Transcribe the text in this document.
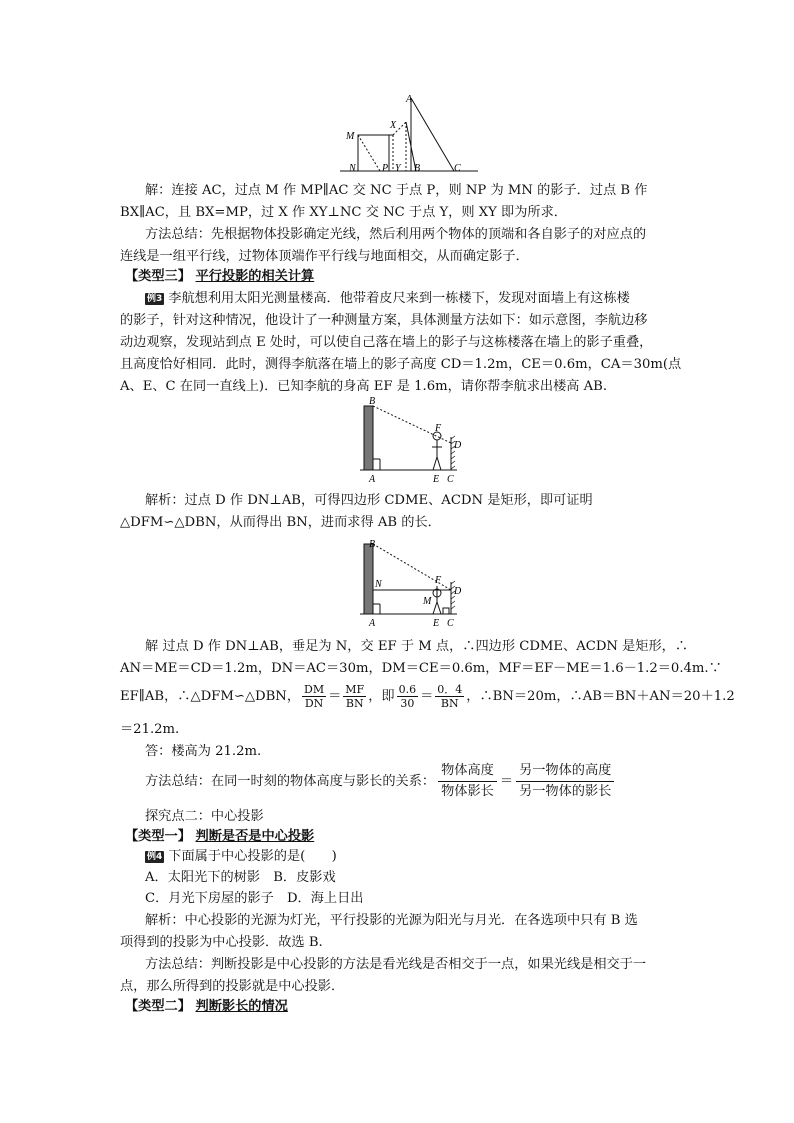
A
M
X
N	P Y B	C
解：连接 AC，过点 M 作 MP∥AC 交 NC 于点 P，则 NP 为 MN 的影子．过点 B 作
BX∥AC，且 BX=MP，过 X 作 XY⊥NC 交 NC 于点 Y，则 XY 即为所求．
方法总结：先根据物体投影确定光线，然后利用两个物体的顶端和各自影子的对应点的
连线是一组平行线，过物体顶端作平行线与地面相交，从而确定影子．
【类型三】 平行投影的相关计算
例3 李航想利用太阳光测量楼高．他带着皮尺来到一栋楼下，发现对面墙上有这栋楼
的影子，针对这种情况，他设计了一种测量方案，具体测量方法如下：如示意图，李航边移
动边观察，发现站到点 E 处时，可以使自己落在墙上的影子与这栋楼落在墙上的影子重叠，
且高度恰好相同．此时，测得李航落在墙上的影子高度 CD＝1.2m，CE＝0.6m，CA＝30m(点
A、E、C 在同一直线上)．已知李航的身高 EF 是 1.6m，请你帮李航求出楼高 AB.
B
F
D
A	E C
解析：过点 D 作 DN⊥AB，可得四边形 CDME、ACDN 是矩形，即可证明
△DFM∽△DBN，从而得出 BN，进而求得 AB 的长．
B
N	F
M
D
A	E C
解 过点 D 作 DN⊥AB，垂足为 N，交 EF 于 M 点，∴四边形 CDME、ACDN 是矩形，∴
AN＝ME＝CD＝1.2m，DN＝AC＝30m，DM＝CE＝0.6m，MF＝EF－ME＝1.6－1.2＝0.4m.∵
EF∥AB，∴△DFM∽△DBN， $\frac{DM}{DN} = \frac{MF}{BN}$ ，即 $\frac{0.6}{30} = \frac{0.4}{BN}$ ，∴BN＝20m，∴AB＝BN＋AN＝20＋1.2
＝21.2m.
答：楼高为 21.2m.
方法总结：在同一时刻的物体高度与影长的关系： $\frac{\text{物体高度}}{\text{物体影长}} = \frac{\text{另一物体的高度}}{\text{另一物体的影长}}$
探究点二：中心投影
【类型一】 判断是否是中心投影
例4 下面属于中心投影的是(　　)
A．太阳光下的树影　B．皮影戏
C．月光下房屋的影子　D．海上日出
解析：中心投影的光源为灯光，平行投影的光源为阳光与月光．在各选项中只有 B 选
项得到的投影为中心投影．故选 B.
方法总结：判断投影是中心投影的方法是看光线是否相交于一点，如果光线是相交于一
点，那么所得到的投影就是中心投影．
【类型二】 判断影长的情况
